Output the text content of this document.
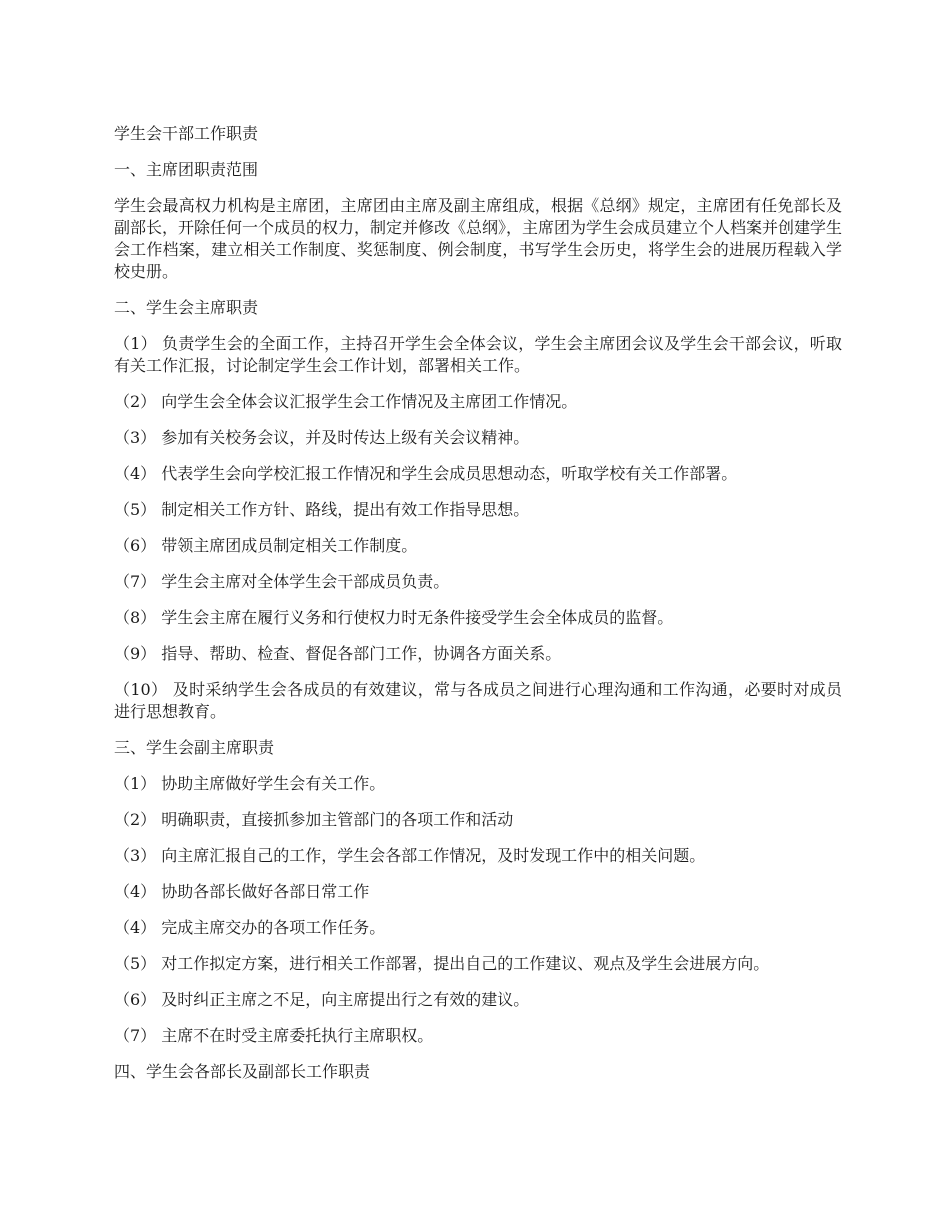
学生会干部工作职责

一、主席团职责范围

学生会最高权力机构是主席团，主席团由主席及副主席组成，根据《总纲》规定，主席团有任免部长及副部长，开除任何一个成员的权力，制定并修改《总纲》，主席团为学生会成员建立个人档案并创建学生会工作档案，建立相关工作制度、奖惩制度、例会制度，书写学生会历史，将学生会的进展历程载入学校史册。

二、学生会主席职责

（1） 负责学生会的全面工作，主持召开学生会全体会议，学生会主席团会议及学生会干部会议，听取有关工作汇报，讨论制定学生会工作计划，部署相关工作。

（2） 向学生会全体会议汇报学生会工作情况及主席团工作情况。

（3） 参加有关校务会议，并及时传达上级有关会议精神。

（4） 代表学生会向学校汇报工作情况和学生会成员思想动态，听取学校有关工作部署。

（5） 制定相关工作方针、路线，提出有效工作指导思想。

（6） 带领主席团成员制定相关工作制度。

（7） 学生会主席对全体学生会干部成员负责。

（8） 学生会主席在履行义务和行使权力时无条件接受学生会全体成员的监督。

（9） 指导、帮助、检查、督促各部门工作，协调各方面关系。

（10） 及时采纳学生会各成员的有效建议，常与各成员之间进行心理沟通和工作沟通，必要时对成员进行思想教育。

三、学生会副主席职责

（1） 协助主席做好学生会有关工作。

（2） 明确职责，直接抓参加主管部门的各项工作和活动

（3） 向主席汇报自己的工作，学生会各部工作情况，及时发现工作中的相关问题。

（4） 协助各部长做好各部日常工作

（4） 完成主席交办的各项工作任务。

（5） 对工作拟定方案，进行相关工作部署，提出自己的工作建议、观点及学生会进展方向。

（6） 及时纠正主席之不足，向主席提出行之有效的建议。

（7） 主席不在时受主席委托执行主席职权。

四、学生会各部长及副部长工作职责
